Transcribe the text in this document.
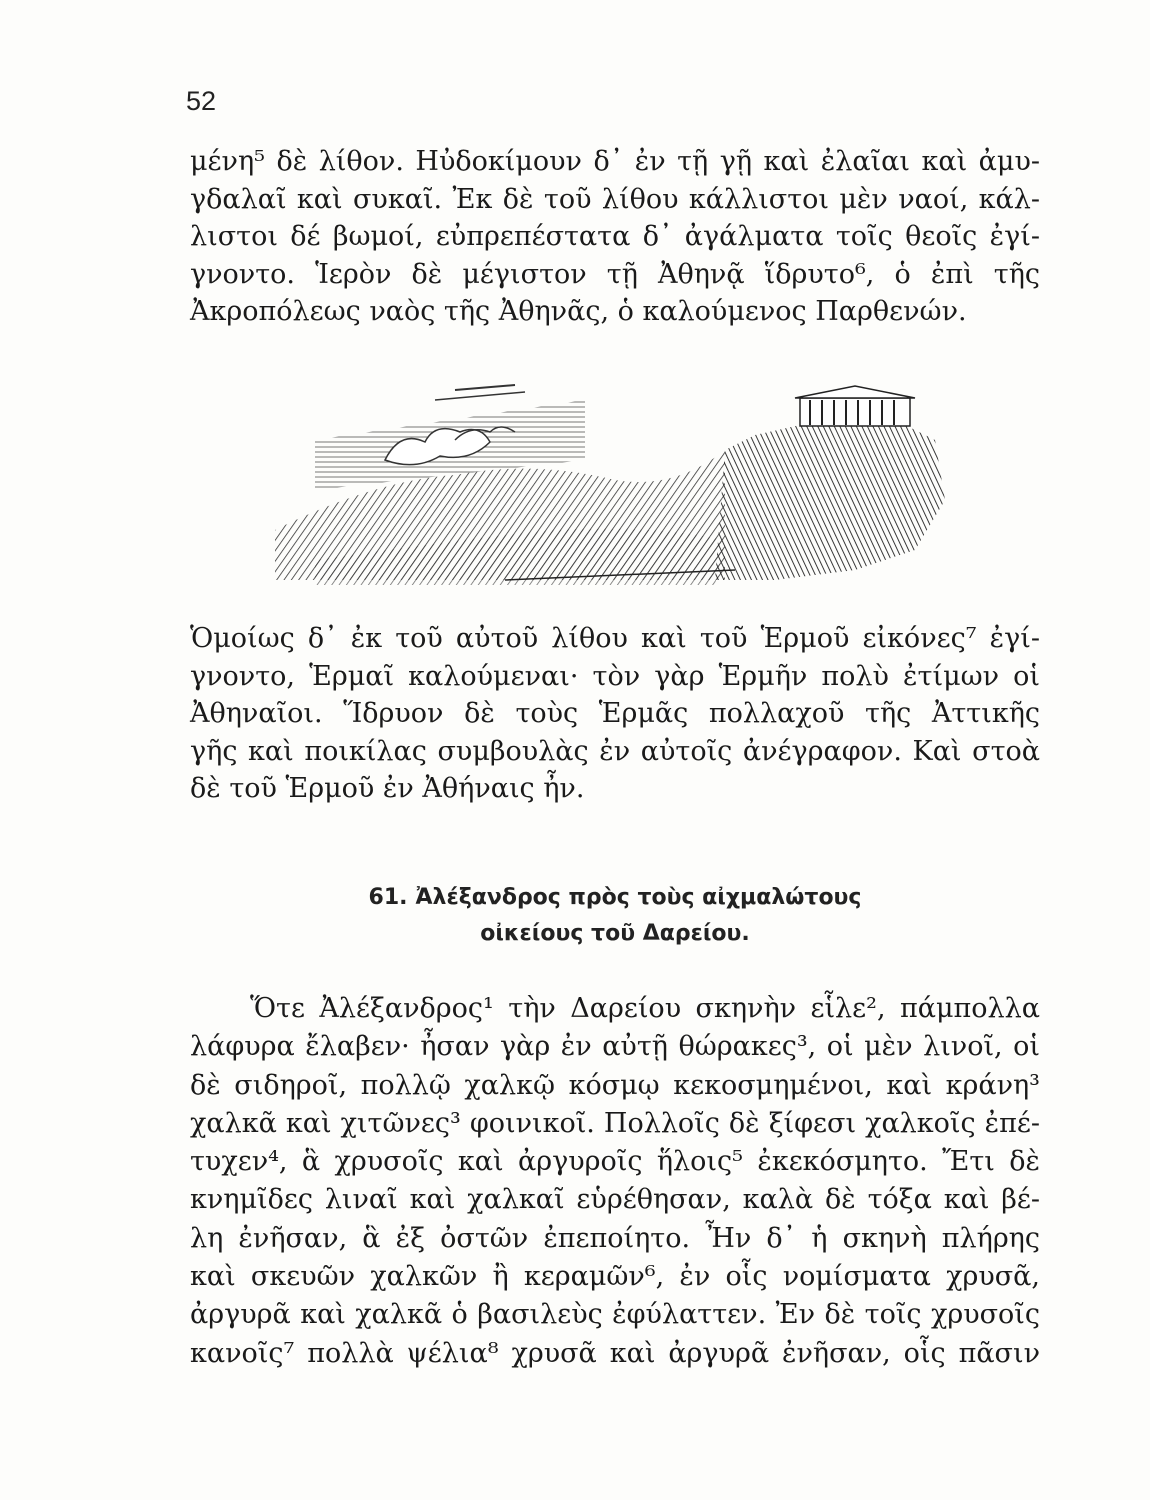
52
μένη⁵ δὲ λίθον. Ηὐδοκίμουν δ᾽ ἐν τῇ γῇ καὶ ἐλαῖαι καὶ ἀμυ-
γδαλαῖ καὶ συκαῖ. Ἐκ δὲ τοῦ λίθου κάλλιστοι μὲν ναοί, κάλ-
λιστοι δέ βωμοί, εὐπρεπέστατα δ᾽ ἀγάλματα τοῖς θεοῖς ἐγί-
γνοντο. Ἱερὸν δὲ μέγιστον τῇ Ἀθηνᾷ ἵδρυτο⁶, ὁ ἐπὶ τῆς
Ἀκροπόλεως ναὸς τῆς Ἀθηνᾶς, ὁ καλούμενος Παρθενών.
Ὁμοίως δ᾽ ἐκ τοῦ αὐτοῦ λίθου καὶ τοῦ Ἑρμοῦ εἰκόνες⁷ ἐγί-
γνοντο, Ἑρμαῖ καλούμεναι· τὸν γὰρ Ἑρμῆν πολὺ ἐτίμων οἱ
Ἀθηναῖοι. Ἵδρυον δὲ τοὺς Ἑρμᾶς πολλαχοῦ τῆς Ἀττικῆς
γῆς καὶ ποικίλας συμβουλὰς ἐν αὐτοῖς ἀνέγραφον. Καὶ στοὰ
δὲ τοῦ Ἑρμοῦ ἐν Ἀθήναις ἦν.
61. Ἀλέξανδρος πρὸς τοὺς αἰχμαλώτους
οἰκείους τοῦ Δαρείου.
Ὅτε Ἀλέξανδρος¹ τὴν Δαρείου σκηνὴν εἷλε², πάμπολλα
λάφυρα ἔλαβεν· ἦσαν γὰρ ἐν αὐτῇ θώρακες³, οἱ μὲν λινοῖ, οἱ
δὲ σιδηροῖ, πολλῷ χαλκῷ κόσμῳ κεκοσμημένοι, καὶ κράνη³
χαλκᾶ καὶ χιτῶνες³ φοινικοῖ. Πολλοῖς δὲ ξίφεσι χαλκοῖς ἐπέ-
τυχεν⁴, ἃ χρυσοῖς καὶ ἀργυροῖς ἥλοις⁵ ἐκεκόσμητο. Ἔτι δὲ
κνημῖδες λιναῖ καὶ χαλκαῖ εὑρέθησαν, καλὰ δὲ τόξα καὶ βέ-
λη ἐνῆσαν, ἃ ἐξ ὀστῶν ἐπεποίητο. Ἦν δ᾽ ἡ σκηνὴ πλήρης
καὶ σκευῶν χαλκῶν ἢ κεραμῶν⁶, ἐν οἷς νομίσματα χρυσᾶ,
ἀργυρᾶ καὶ χαλκᾶ ὁ βασιλεὺς ἐφύλαττεν. Ἐν δὲ τοῖς χρυσοῖς
κανοῖς⁷ πολλὰ ψέλια⁸ χρυσᾶ καὶ ἀργυρᾶ ἐνῆσαν, οἷς πᾶσιν
